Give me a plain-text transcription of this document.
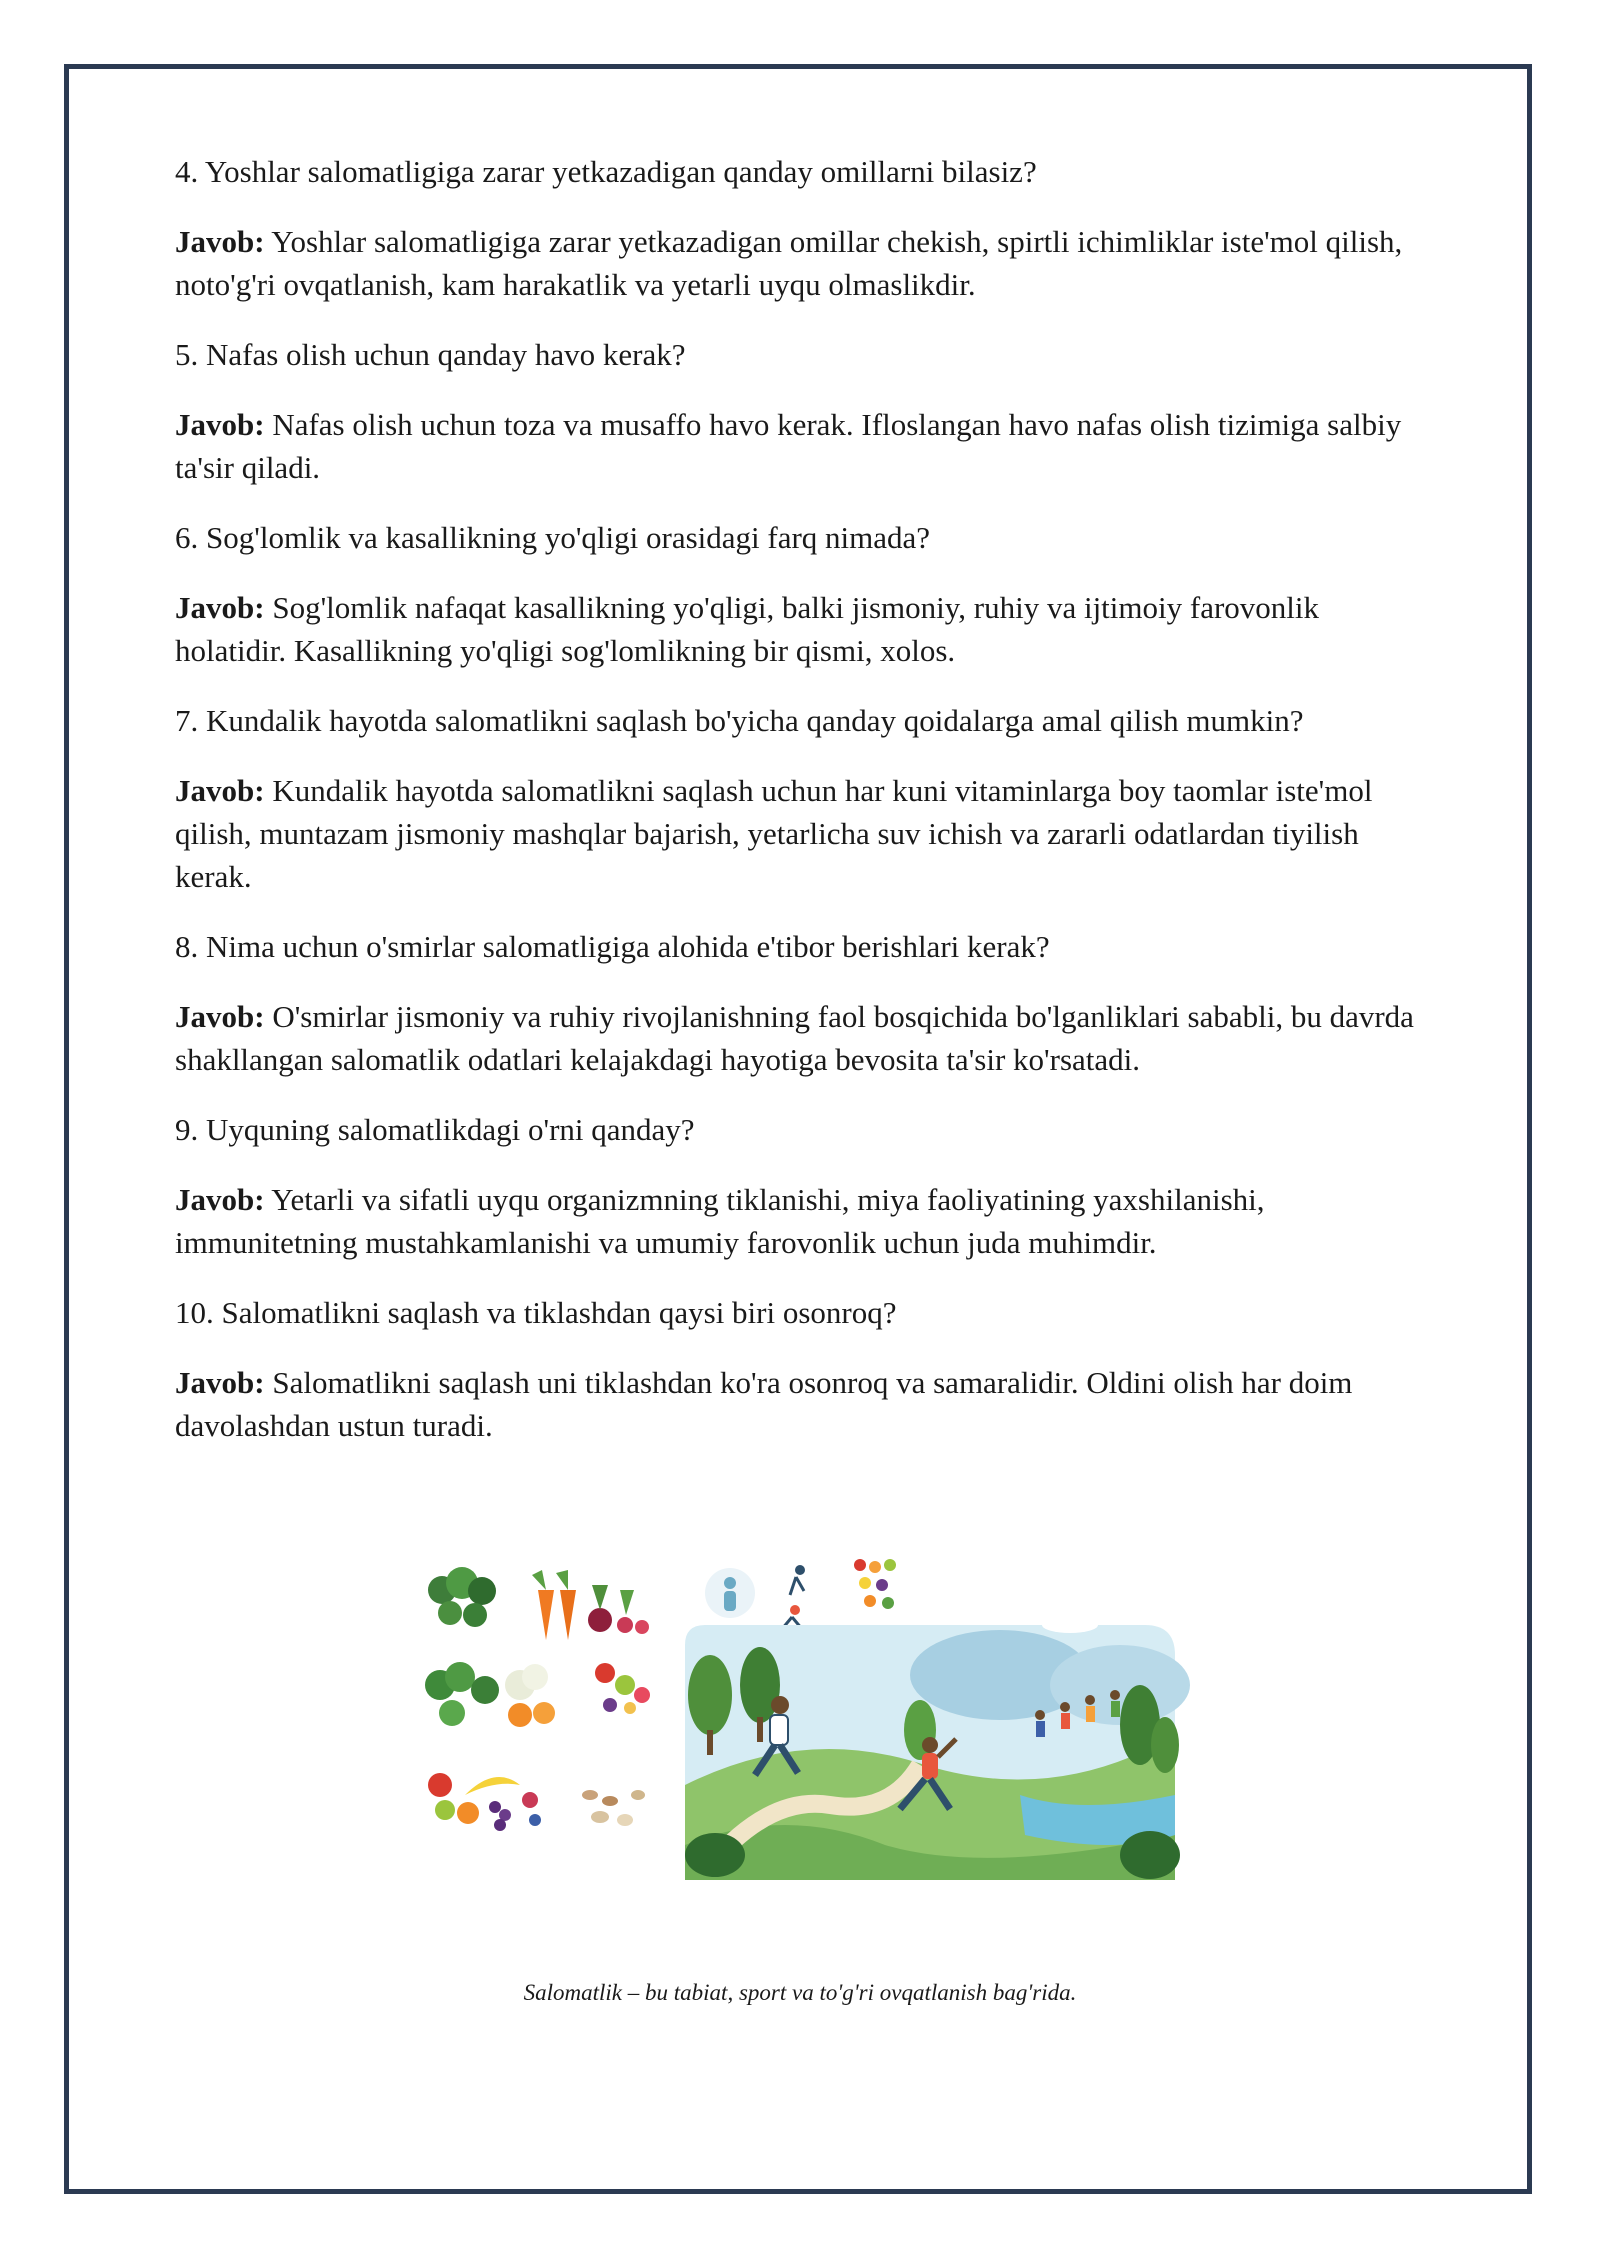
4. Yoshlar salomatligiga zarar yetkazadigan qanday omillarni bilasiz?

Javob: Yoshlar salomatligiga zarar yetkazadigan omillar chekish, spirtli ichimliklar iste'mol qilish, noto'g'ri ovqatlanish, kam harakatlik va yetarli uyqu olmaslikdir.

5. Nafas olish uchun qanday havo kerak?

Javob: Nafas olish uchun toza va musaffo havo kerak. Ifloslangan havo nafas olish tizimiga salbiy ta'sir qiladi.

6. Sog'lomlik va kasallikning yo'qligi orasidagi farq nimada?

Javob: Sog'lomlik nafaqat kasallikning yo'qligi, balki jismoniy, ruhiy va ijtimoiy farovonlik holatidir. Kasallikning yo'qligi sog'lomlikning bir qismi, xolos.

7. Kundalik hayotda salomatlikni saqlash bo'yicha qanday qoidalarga amal qilish mumkin?

Javob: Kundalik hayotda salomatlikni saqlash uchun har kuni vitaminlarga boy taomlar iste'mol qilish, muntazam jismoniy mashqlar bajarish, yetarlicha suv ichish va zararli odatlardan tiyilish kerak.

8. Nima uchun o'smirlar salomatligiga alohida e'tibor berishlari kerak?

Javob: O'smirlar jismoniy va ruhiy rivojlanishning faol bosqichida bo'lganliklari sababli, bu davrda shakllangan salomatlik odatlari kelajakdagi hayotiga bevosita ta'sir ko'rsatadi.

9. Uyquning salomatlikdagi o'rni qanday?

Javob: Yetarli va sifatli uyqu organizmning tiklanishi, miya faoliyatining yaxshilanishi, immunitetning mustahkamlanishi va umumiy farovonlik uchun juda muhimdir.

10. Salomatlikni saqlash va tiklashdan qaysi biri osonroq?

Javob: Salomatlikni saqlash uni tiklashdan ko'ra osonroq va samaralidir. Oldini olish har doim davolashdan ustun turadi.

Salomatlik – bu tabiat, sport va to'g'ri ovqatlanish bag'rida.
